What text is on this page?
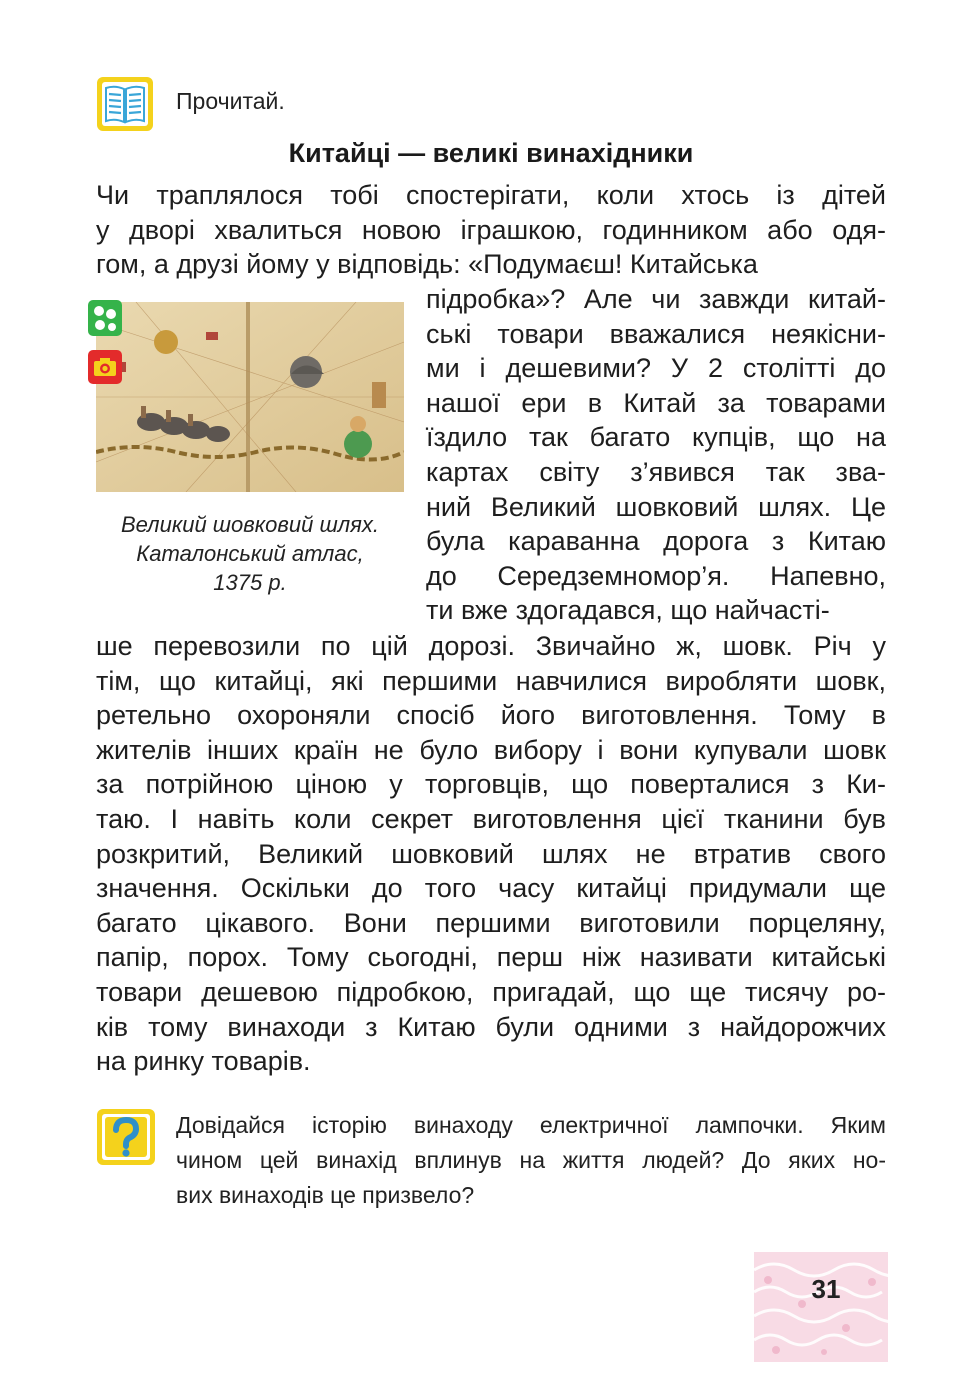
Прочитай.
Китайці — великі винахідники
Чи траплялося тобі спостерігати, коли хтось із дітей
у дворі хвалиться новою іграшкою, годинником або одя-
гом, а друзі йому у відповідь: «Подумаєш! Китайська
Великий шовковий шлях.
Каталонський атлас,
1375 р.
підробка»? Але чи завжди китай-
ські товари вважалися неякісни-
ми і дешевими? У 2 столітті до
нашої ери в Китай за товарами
їздило так багато купців, що на
картах світу з’явився так зва-
ний Великий шовковий шлях. Це
була караванна дорога з Китаю
до Середземномор’я. Напевно,
ти вже здогадався, що найчасті-
ше перевозили по цій дорозі. Звичайно ж, шовк. Річ у
тім, що китайці, які першими навчилися виробляти шовк,
ретельно охороняли спосіб його виготовлення. Тому в
жителів інших країн не було вибору і вони купували шовк
за потрійною ціною у торговців, що поверталися з Ки-
таю. І навіть коли секрет виготовлення цієї тканини був
розкритий, Великий шовковий шлях не втратив свого
значення. Оскільки до того часу китайці придумали ще
багато цікавого. Вони першими виготовили порцеляну,
папір, порох. Тому сьогодні, перш ніж називати китайські
товари дешевою підробкою, пригадай, що ще тисячу ро-
ків тому винаходи з Китаю були одними з найдорожчих
на ринку товарів.
Довідайся історію винаходу електричної лампочки. Яким
чином цей винахід вплинув на життя людей? До яких но-
вих винаходів це призвело?
31
